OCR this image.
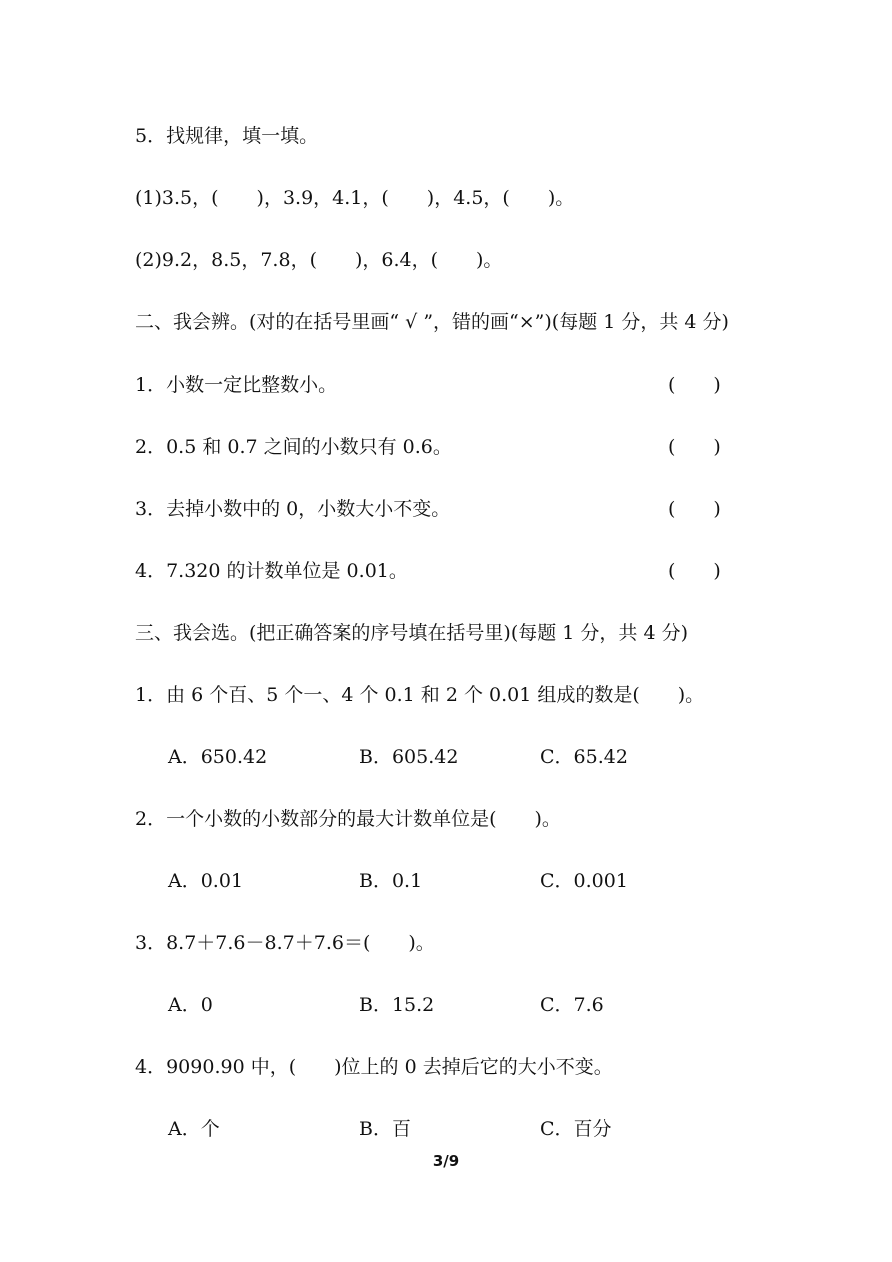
5．找规律，填一填。
(1)3.5，(　　)，3.9，4.1，(　　)，4.5，(　　)。
(2)9.2，8.5，7.8，(　　)，6.4，(　　)。
二、我会辨。(对的在括号里画“ √ ”，错的画“×”)(每题 1 分，共 4 分)
1．小数一定比整数小。	(　　)
2．0.5 和 0.7 之间的小数只有 0.6。	(　　)
3．去掉小数中的 0，小数大小不变。	(　　)
4．7.320 的计数单位是 0.01。	(　　)
三、我会选。(把正确答案的序号填在括号里)(每题 1 分，共 4 分)
1．由 6 个百、5 个一、4 个 0.1 和 2 个 0.01 组成的数是(　　)。
A．650.42	B．605.42	C．65.42
2．一个小数的小数部分的最大计数单位是(　　)。
A．0.01	B．0.1	C．0.001
3．8.7＋7.6－8.7＋7.6＝(　　)。
A．0	B．15.2	C．7.6
4．9090.90 中，(　　)位上的 0 去掉后它的大小不变。
A．个	B．百	C．百分
3/9
